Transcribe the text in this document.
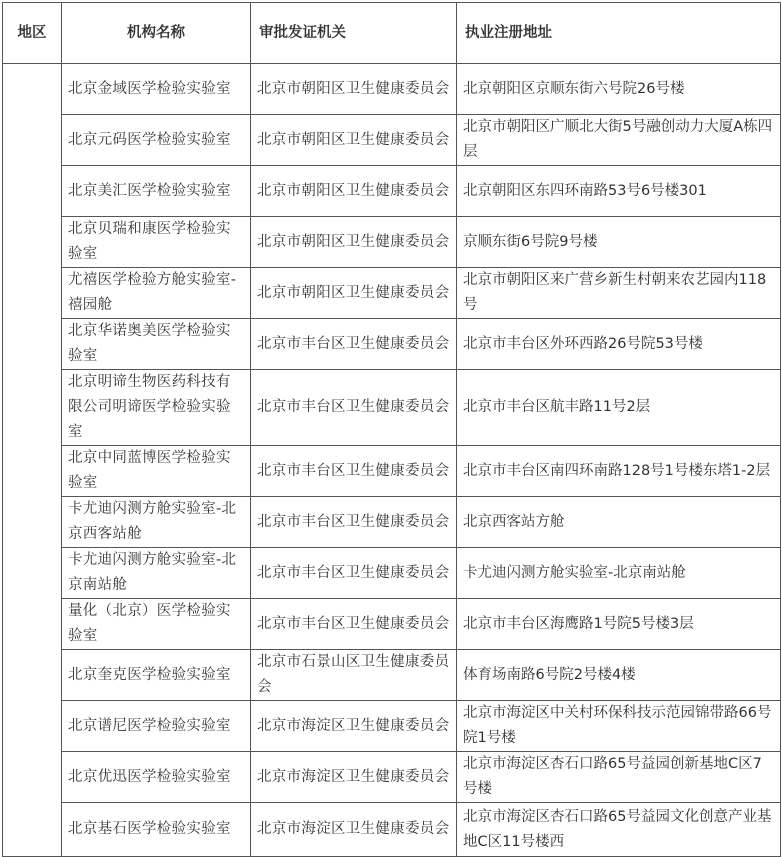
地区	机构名称	审批发证机关	执业注册地址
	北京金域医学检验实验室	北京市朝阳区卫生健康委员会	北京朝阳区京顺东街六号院26号楼
	北京元码医学检验实验室	北京市朝阳区卫生健康委员会	北京市朝阳区广顺北大街5号融创动力大厦A栋四层
	北京美汇医学检验实验室	北京市朝阳区卫生健康委员会	北京朝阳区东四环南路53号6号楼301
	北京贝瑞和康医学检验实验室	北京市朝阳区卫生健康委员会	京顺东街6号院9号楼
	尤禧医学检验方舱实验室-禧园舱	北京市朝阳区卫生健康委员会	北京市朝阳区来广营乡新生村朝来农艺园内118号
	北京华诺奥美医学检验实验室	北京市丰台区卫生健康委员会	北京市丰台区外环西路26号院53号楼
	北京明谛生物医药科技有限公司明谛医学检验实验室	北京市丰台区卫生健康委员会	北京市丰台区航丰路11号2层
	北京中同蓝博医学检验实验室	北京市丰台区卫生健康委员会	北京市丰台区南四环南路128号1号楼东塔1-2层
	卡尤迪闪测方舱实验室-北京西客站舱	北京市丰台区卫生健康委员会	北京西客站方舱
	卡尤迪闪测方舱实验室-北京南站舱	北京市丰台区卫生健康委员会	卡尤迪闪测方舱实验室-北京南站舱
	量化（北京）医学检验实验室	北京市丰台区卫生健康委员会	北京市丰台区海鹰路1号院5号楼3层
	北京奎克医学检验实验室	北京市石景山区卫生健康委员会	体育场南路6号院2号楼4楼
	北京谱尼医学检验实验室	北京市海淀区卫生健康委员会	北京市海淀区中关村环保科技示范园锦带路66号院1号楼
	北京优迅医学检验实验室	北京市海淀区卫生健康委员会	北京市海淀区杏石口路65号益园创新基地C区7号楼
	北京基石医学检验实验室	北京市海淀区卫生健康委员会	北京市海淀区杏石口路65号益园文化创意产业基地C区11号楼西
